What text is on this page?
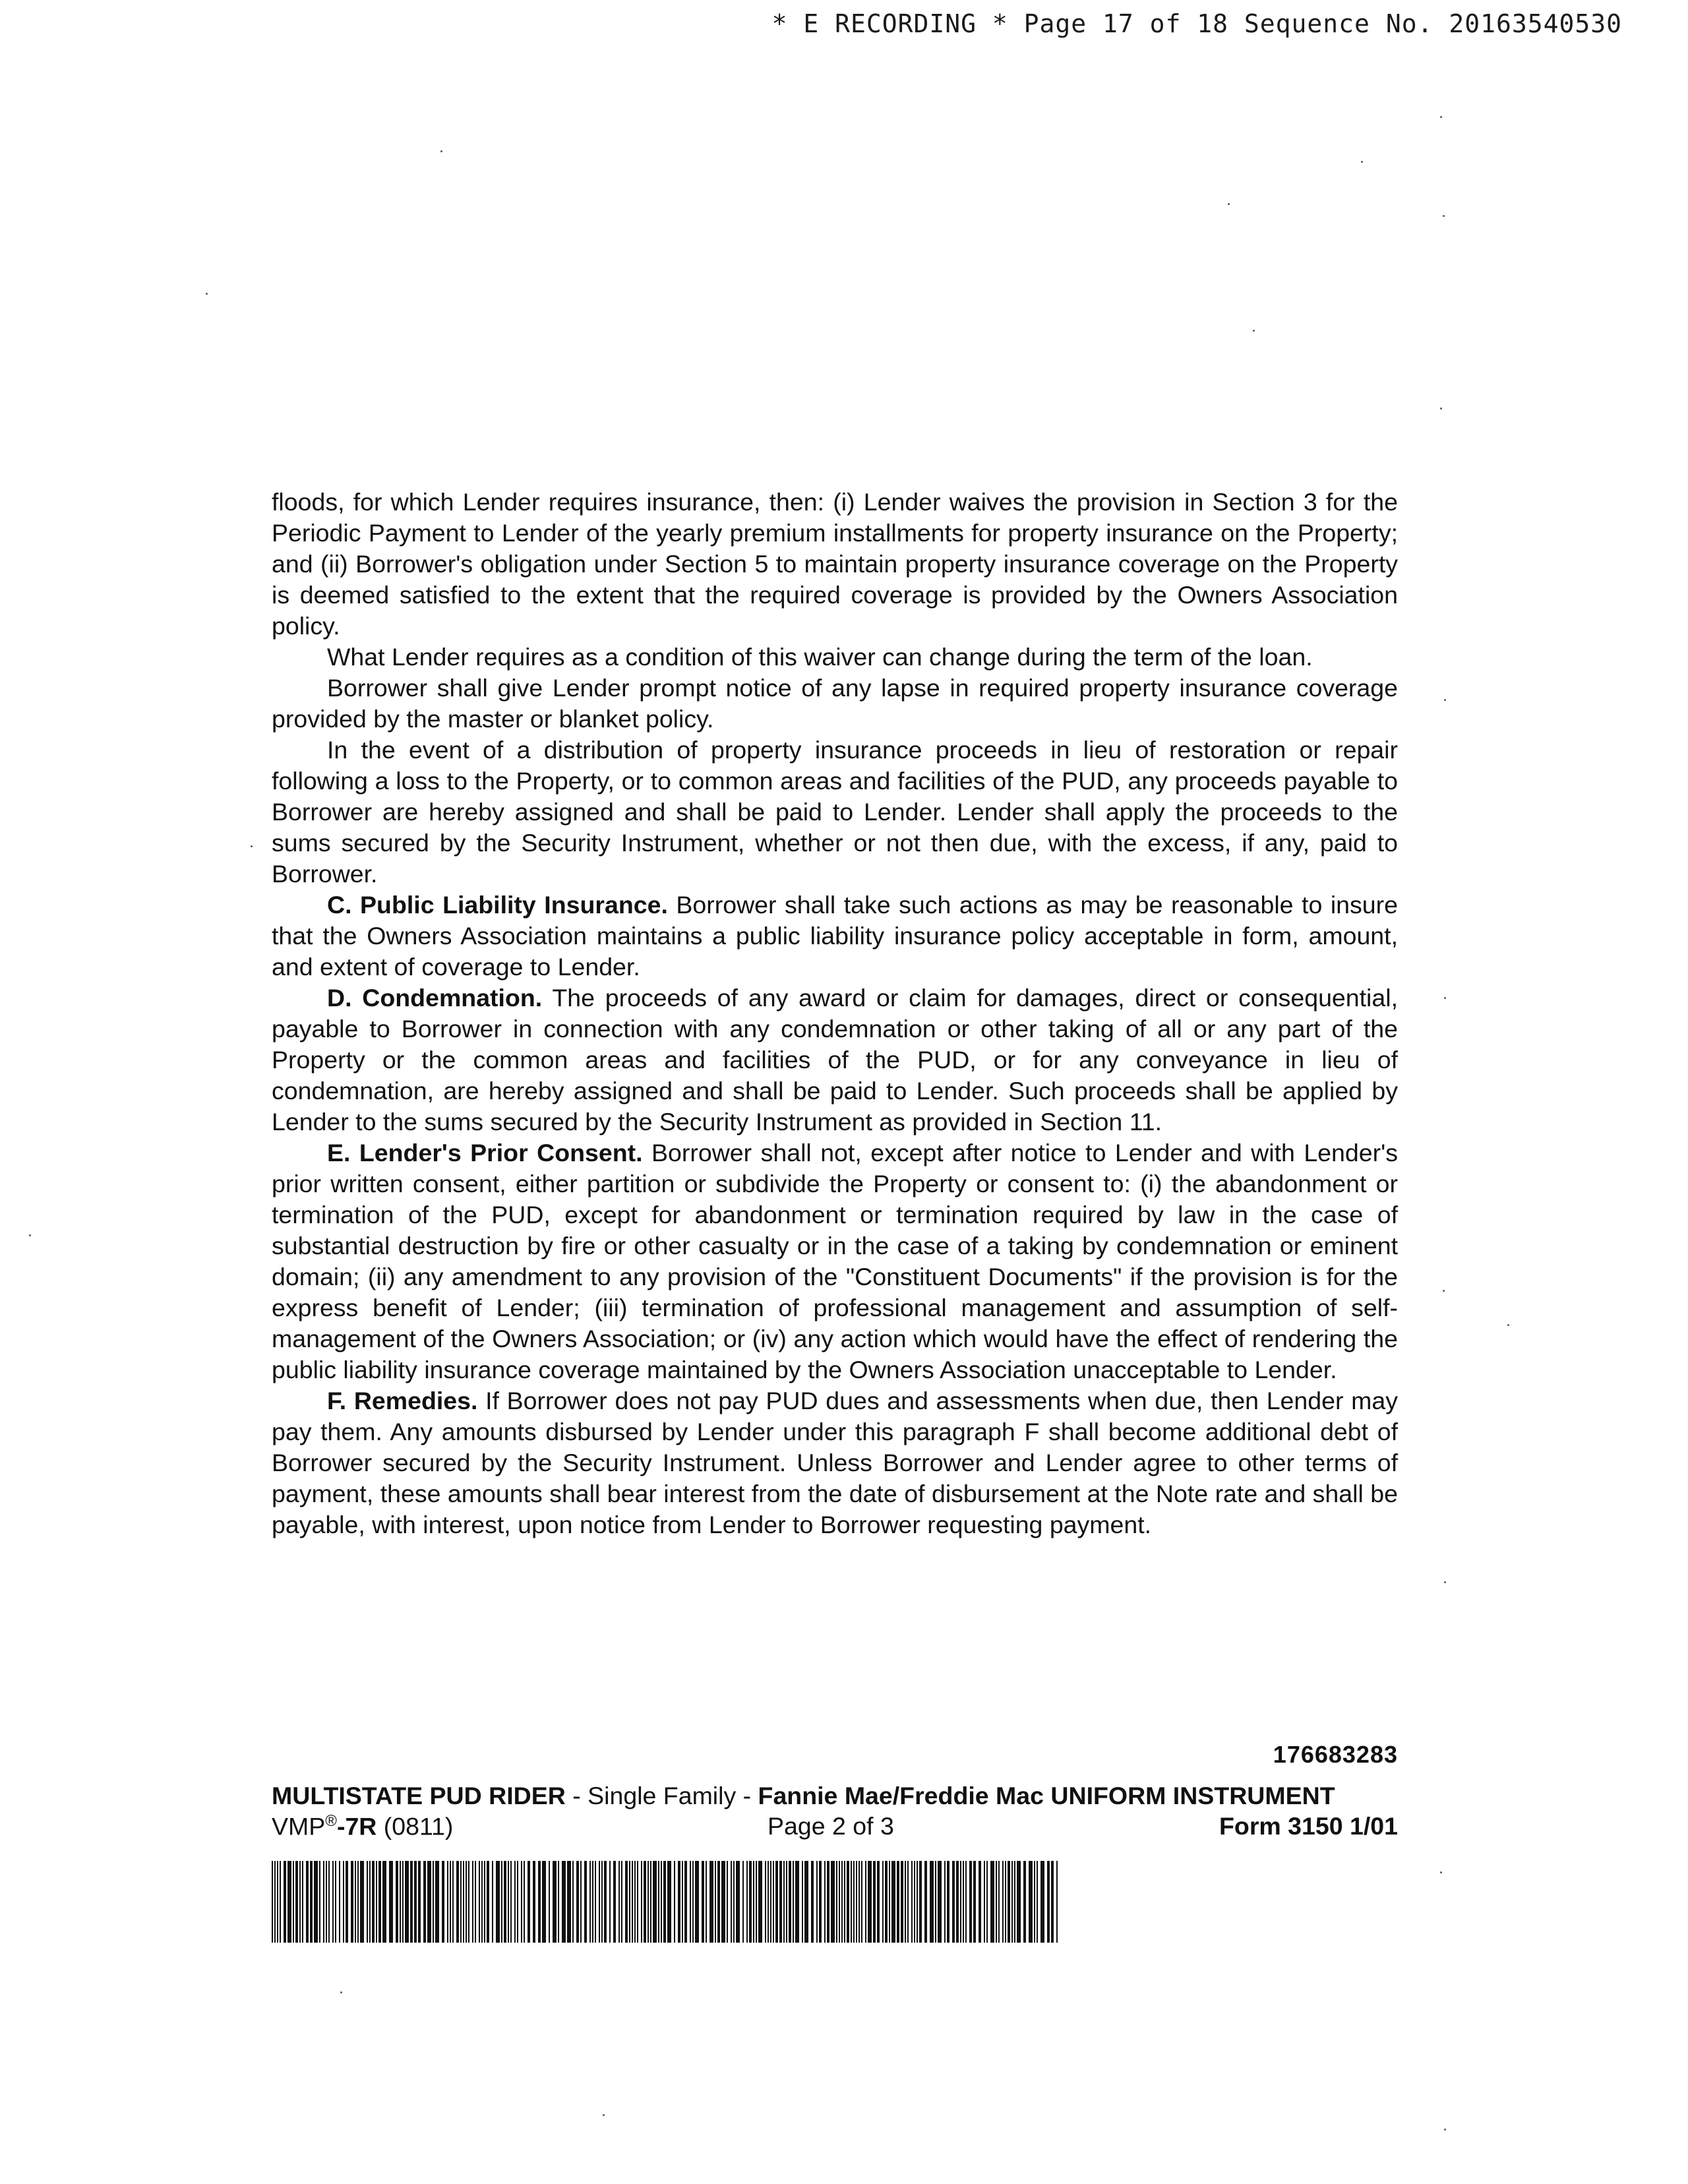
* E RECORDING * Page 17 of 18 Sequence No. 20163540530

floods, for which Lender requires insurance, then: (i) Lender waives the provision in Section 3 for the Periodic Payment to Lender of the yearly premium installments for property insurance on the Property; and (ii) Borrower's obligation under Section 5 to maintain property insurance coverage on the Property is deemed satisfied to the extent that the required coverage is provided by the Owners Association policy.

What Lender requires as a condition of this waiver can change during the term of the loan.

Borrower shall give Lender prompt notice of any lapse in required property insurance coverage provided by the master or blanket policy.

In the event of a distribution of property insurance proceeds in lieu of restoration or repair following a loss to the Property, or to common areas and facilities of the PUD, any proceeds payable to Borrower are hereby assigned and shall be paid to Lender. Lender shall apply the proceeds to the sums secured by the Security Instrument, whether or not then due, with the excess, if any, paid to Borrower.

C. Public Liability Insurance. Borrower shall take such actions as may be reasonable to insure that the Owners Association maintains a public liability insurance policy acceptable in form, amount, and extent of coverage to Lender.

D. Condemnation. The proceeds of any award or claim for damages, direct or consequential, payable to Borrower in connection with any condemnation or other taking of all or any part of the Property or the common areas and facilities of the PUD, or for any conveyance in lieu of condemnation, are hereby assigned and shall be paid to Lender. Such proceeds shall be applied by Lender to the sums secured by the Security Instrument as provided in Section 11.

E. Lender's Prior Consent. Borrower shall not, except after notice to Lender and with Lender's prior written consent, either partition or subdivide the Property or consent to: (i) the abandonment or termination of the PUD, except for abandonment or termination required by law in the case of substantial destruction by fire or other casualty or in the case of a taking by condemnation or eminent domain; (ii) any amendment to any provision of the "Constituent Documents" if the provision is for the express benefit of Lender; (iii) termination of professional management and assumption of self-management of the Owners Association; or (iv) any action which would have the effect of rendering the public liability insurance coverage maintained by the Owners Association unacceptable to Lender.

F. Remedies. If Borrower does not pay PUD dues and assessments when due, then Lender may pay them. Any amounts disbursed by Lender under this paragraph F shall become additional debt of Borrower secured by the Security Instrument. Unless Borrower and Lender agree to other terms of payment, these amounts shall bear interest from the date of disbursement at the Note rate and shall be payable, with interest, upon notice from Lender to Borrower requesting payment.

176683283
MULTISTATE PUD RIDER - Single Family - Fannie Mae/Freddie Mac UNIFORM INSTRUMENT
VMP®-7R (0811)	Page 2 of 3	Form 3150 1/01
